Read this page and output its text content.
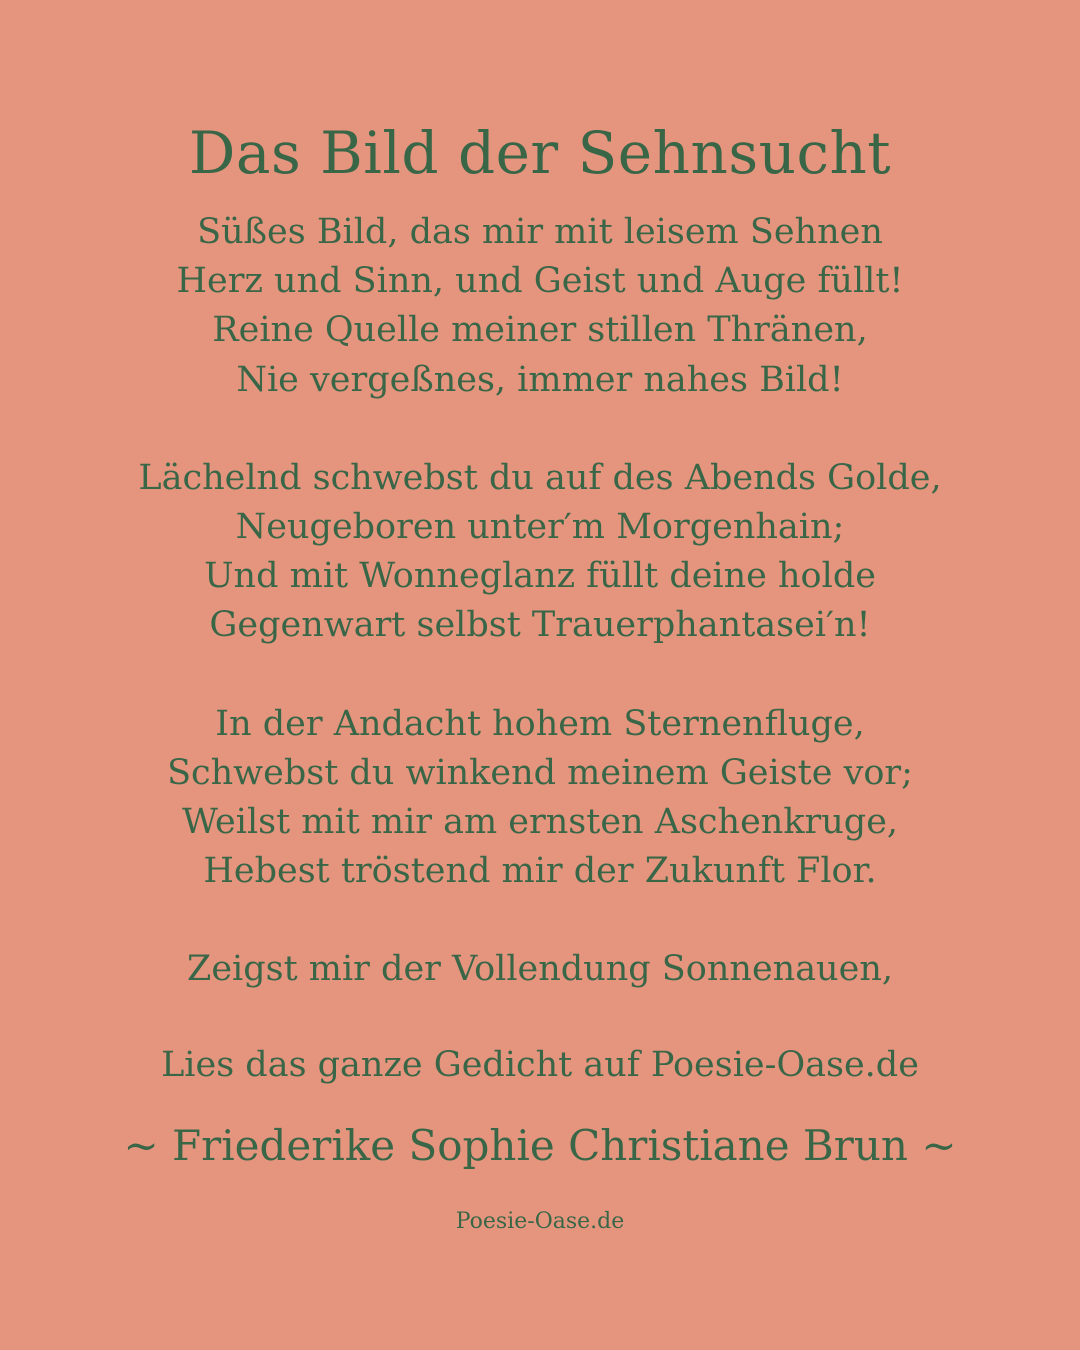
Das Bild der Sehnsucht
Süßes Bild, das mir mit leisem Sehnen
Herz und Sinn, und Geist und Auge füllt!
Reine Quelle meiner stillen Thränen,
Nie vergeßnes, immer nahes Bild!
Lächelnd schwebst du auf des Abends Golde,
Neugeboren unter′m Morgenhain;
Und mit Wonneglanz füllt deine holde
Gegenwart selbst Trauerphantasei′n!
In der Andacht hohem Sternenfluge,
Schwebst du winkend meinem Geiste vor;
Weilst mit mir am ernsten Aschenkruge,
Hebest tröstend mir der Zukunft Flor.
Zeigst mir der Vollendung Sonnenauen,

Lies das ganze Gedicht auf Poesie-Oase.de

~ Friederike Sophie Christiane Brun ~

Poesie-Oase.de
